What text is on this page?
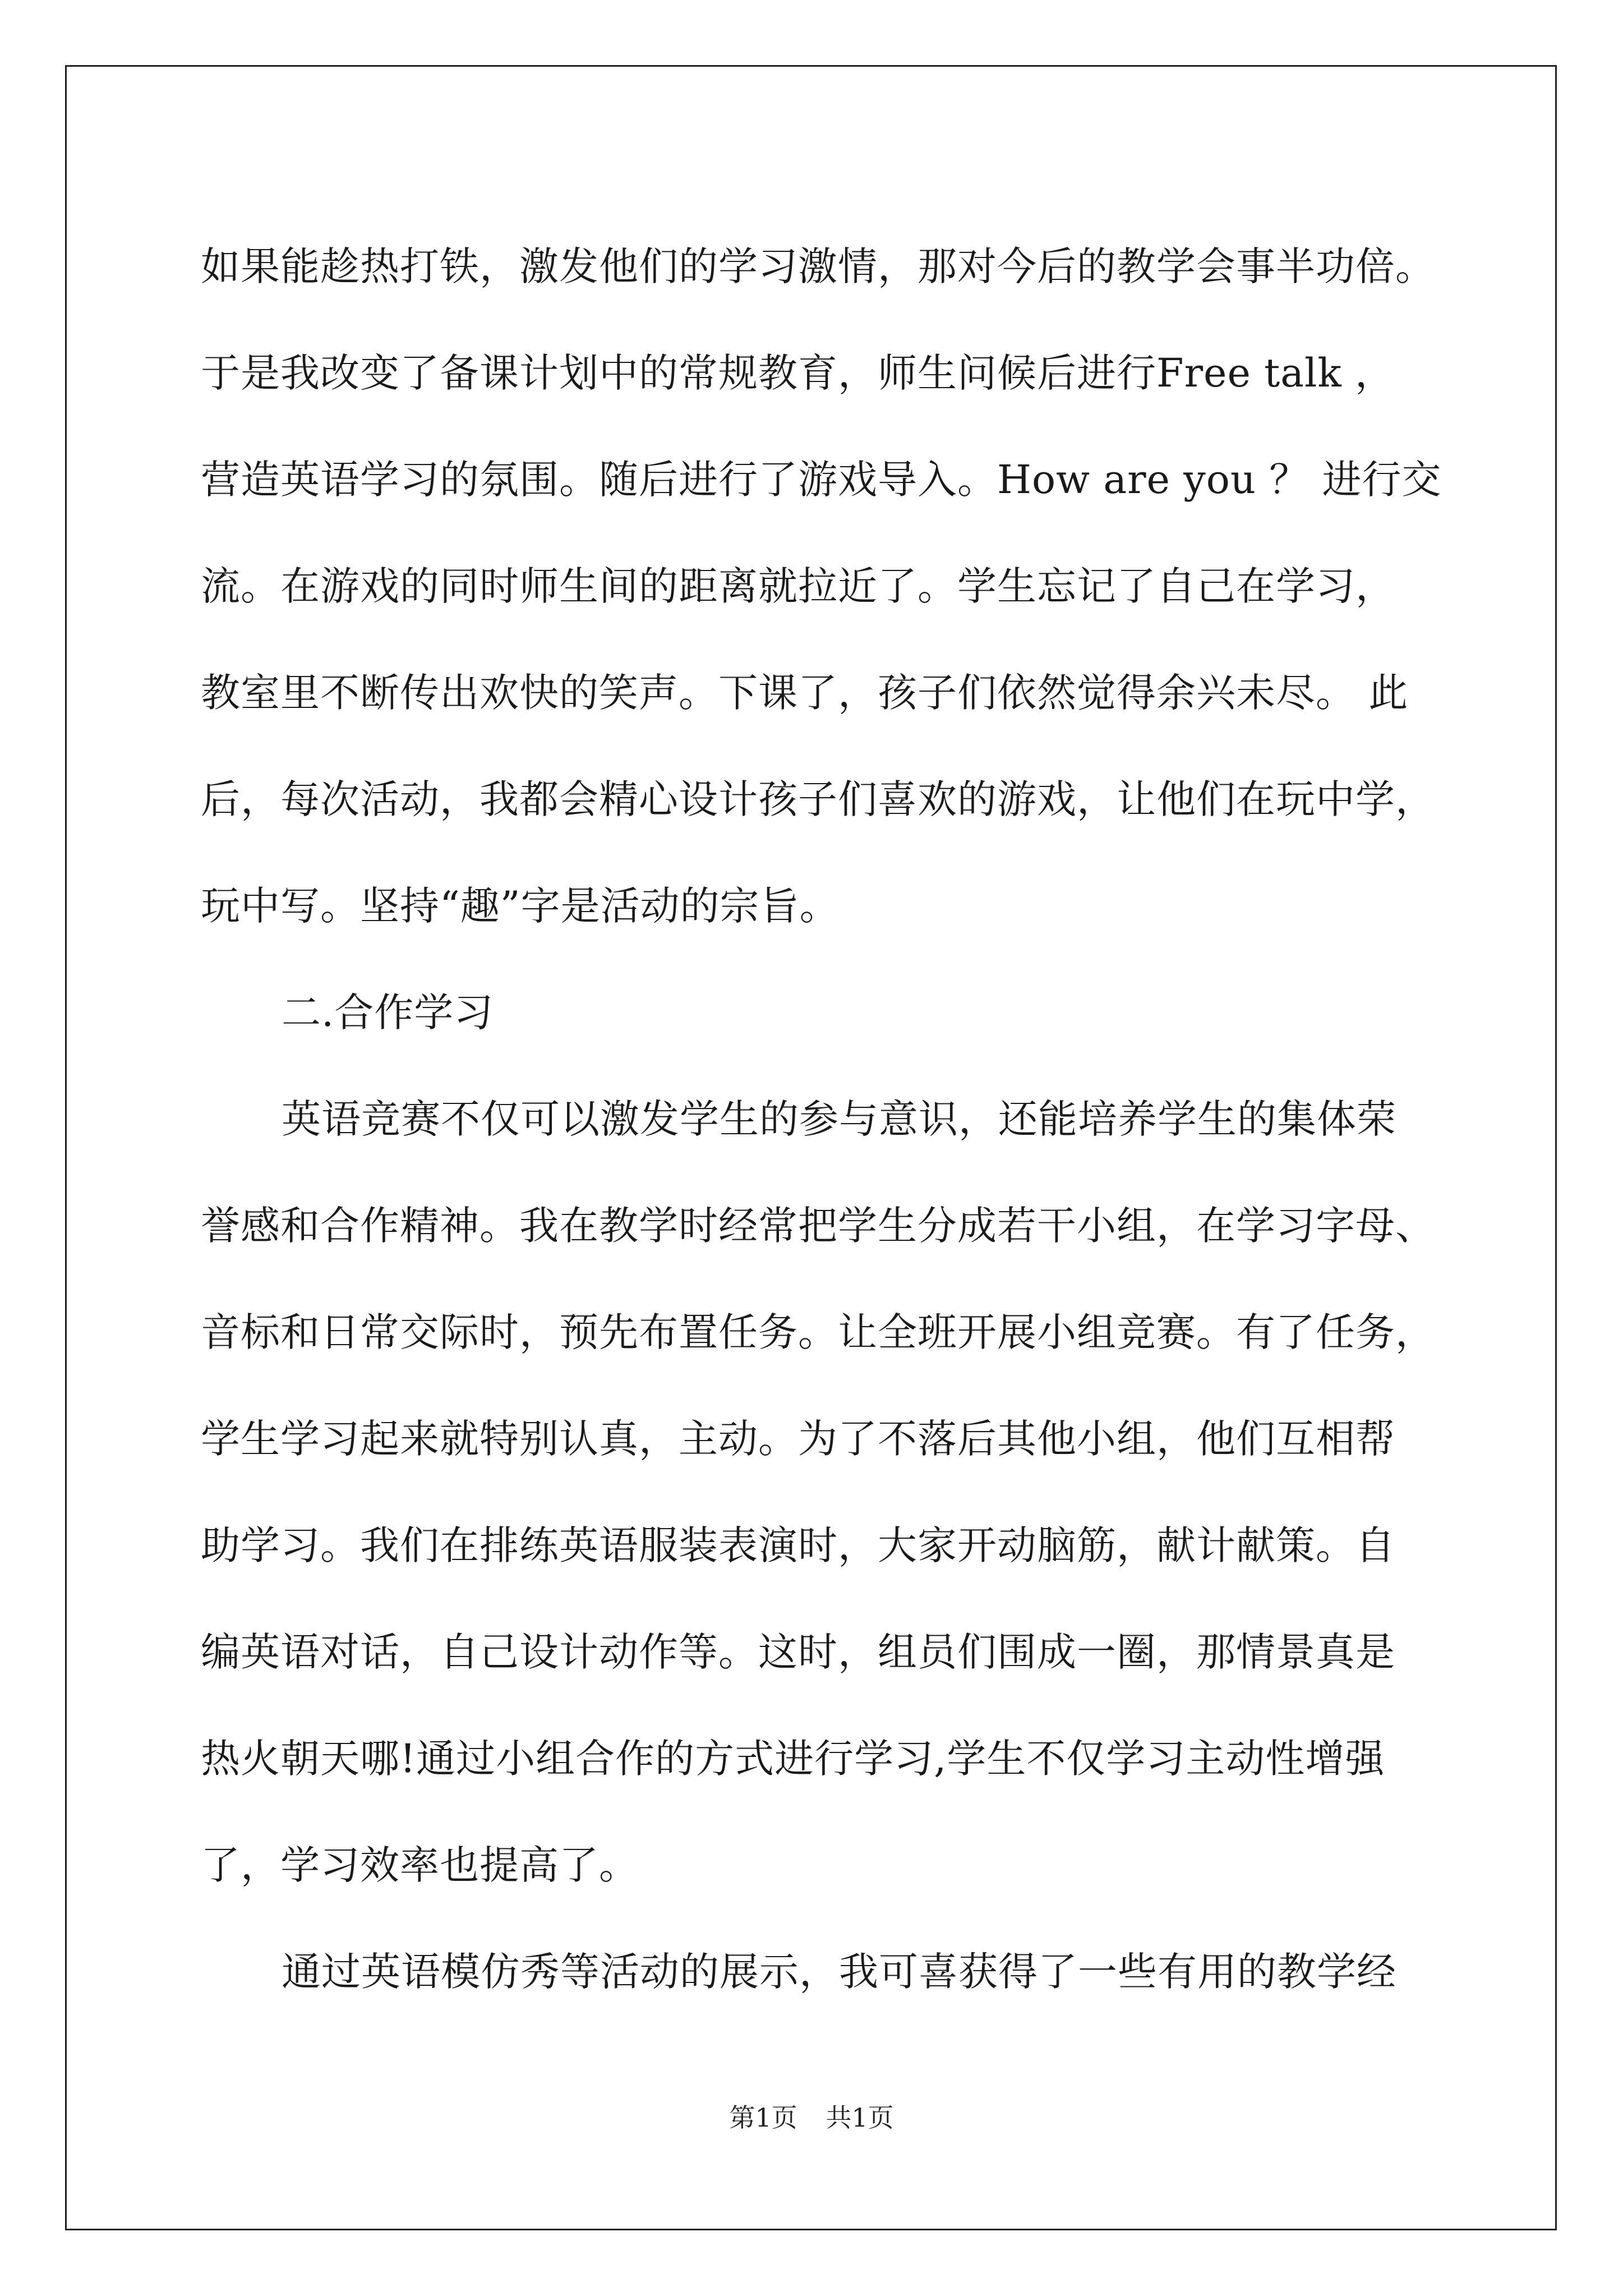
如果能趁热打铁，激发他们的学习激情，那对今后的教学会事半功倍。
于是我改变了备课计划中的常规教育，师生问候后进行Free talk ，
营造英语学习的氛围。随后进行了游戏导入。How are you ？ 进行交
流。在游戏的同时师生间的距离就拉近了。学生忘记了自己在学习，
教室里不断传出欢快的笑声。下课了，孩子们依然觉得余兴未尽。 此
后，每次活动，我都会精心设计孩子们喜欢的游戏，让他们在玩中学，
玩中写。坚持“趣”字是活动的宗旨。
二.合作学习
英语竞赛不仅可以激发学生的参与意识，还能培养学生的集体荣
誉感和合作精神。我在教学时经常把学生分成若干小组，在学习字母、
音标和日常交际时，预先布置任务。让全班开展小组竞赛。有了任务，
学生学习起来就特别认真，主动。为了不落后其他小组，他们互相帮
助学习。我们在排练英语服装表演时，大家开动脑筋，献计献策。自
编英语对话，自己设计动作等。这时，组员们围成一圈，那情景真是
热火朝天哪!通过小组合作的方式进行学习,学生不仅学习主动性增强
了，学习效率也提高了。
通过英语模仿秀等活动的展示，我可喜获得了一些有用的教学经
第1页 共1页
